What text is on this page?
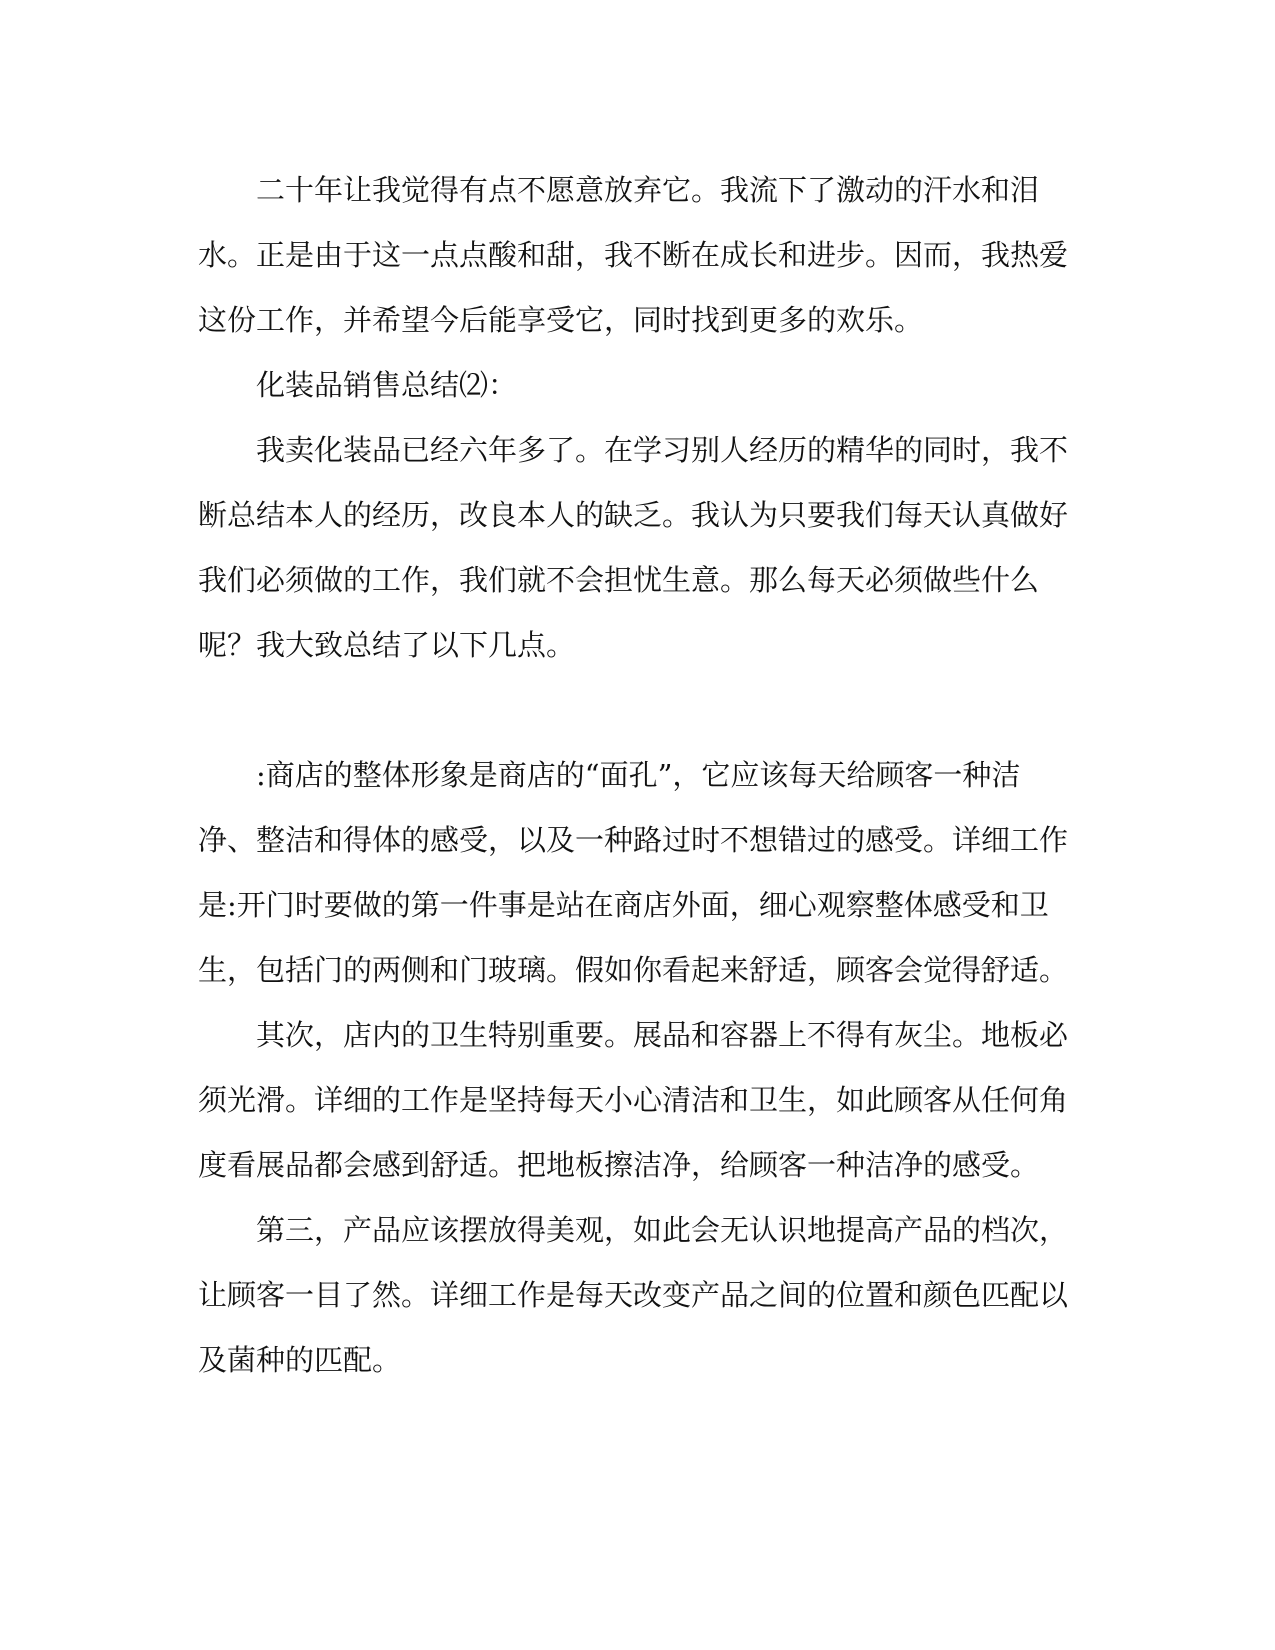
二十年让我觉得有点不愿意放弃它。我流下了激动的汗水和泪水。正是由于这一点点酸和甜，我不断在成长和进步。因而，我热爱这份工作，并希望今后能享受它，同时找到更多的欢乐。

化装品销售总结⑵：

我卖化装品已经六年多了。在学习别人经历的精华的同时，我不断总结本人的经历，改良本人的缺乏。我认为只要我们每天认真做好我们必须做的工作，我们就不会担忧生意。那么每天必须做些什么呢？我大致总结了以下几点。

:商店的整体形象是商店的“面孔”，它应该每天给顾客一种洁净、整洁和得体的感受，以及一种路过时不想错过的感受。详细工作是:开门时要做的第一件事是站在商店外面，细心观察整体感受和卫生，包括门的两侧和门玻璃。假如你看起来舒适，顾客会觉得舒适。

其次，店内的卫生特别重要。展品和容器上不得有灰尘。地板必须光滑。详细的工作是坚持每天小心清洁和卫生，如此顾客从任何角度看展品都会感到舒适。把地板擦洁净，给顾客一种洁净的感受。

第三，产品应该摆放得美观，如此会无认识地提高产品的档次，让顾客一目了然。详细工作是每天改变产品之间的位置和颜色匹配以及菌种的匹配。
